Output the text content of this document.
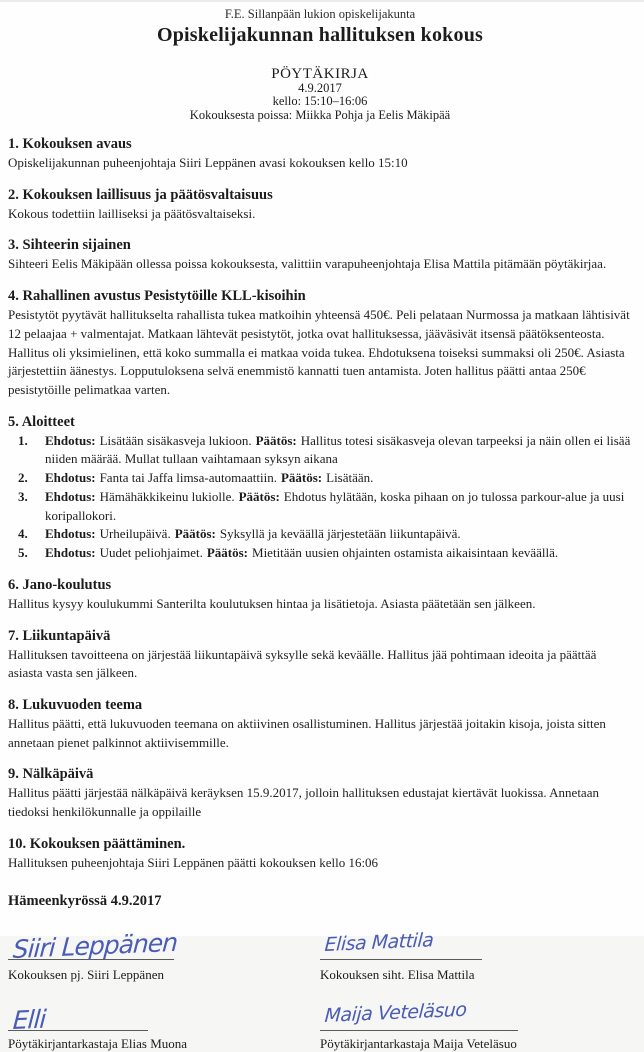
F.E. Sillanpään lukion opiskelijakunta
Opiskelijakunnan hallituksen kokous
PÖYTÄKIRJA
4.9.2017
kello: 15:10–16:06
Kokouksesta poissa: Miikka Pohja ja Eelis Mäkipää
1. Kokouksen avaus

Opiskelijakunnan puheenjohtaja Siiri Leppänen avasi kokouksen kello 15:10

2. Kokouksen laillisuus ja päätösvaltaisuus

Kokous todettiin lailliseksi ja päätösvaltaiseksi.

3. Sihteerin sijainen

Sihteeri Eelis Mäkipään ollessa poissa kokouksesta, valittiin varapuheenjohtaja Elisa Mattila pitämään pöytäkirjaa.

4. Rahallinen avustus Pesistytöille KLL-kisoihin

Pesistytöt pyytävät hallitukselta rahallista tukea matkoihin yhteensä 450€. Peli pelataan Nurmossa ja matkaan lähtisivät 12 pelaajaa + valmentajat. Matkaan lähtevät pesistytöt, jotka ovat hallituksessa, jääväsivät itsensä päätöksenteosta. Hallitus oli yksimielinen, että koko summalla ei matkaa voida tukea. Ehdotuksena toiseksi summaksi oli 250€. Asiasta järjestettiin äänestys. Lopputuloksena selvä enemmistö kannatti tuen antamista. Joten hallitus päätti antaa 250€ pesistytöille pelimatkaa varten.

5. Aloitteet
1.	Ehdotus: Lisätään sisäkasveja lukioon. Päätös: Hallitus totesi sisäkasveja olevan tarpeeksi ja näin ollen ei lisää niiden määrää. Mullat tullaan vaihtamaan syksyn aikana

2.	Ehdotus: Fanta tai Jaffa limsa-automaattiin. Päätös: Lisätään.

3.	Ehdotus: Hämähäkkikeinu lukiolle. Päätös: Ehdotus hylätään, koska pihaan on jo tulossa parkour-alue ja uusi koripallokori.

4.	Ehdotus: Urheilupäivä. Päätös: Syksyllä ja keväällä järjestetään liikuntapäivä.

5.	Ehdotus: Uudet peliohjaimet. Päätös: Mietitään uusien ohjainten ostamista aikaisintaan keväällä.

6. Jano-koulutus

Hallitus kysyy koulukummi Santerilta koulutuksen hintaa ja lisätietoja. Asiasta päätetään sen jälkeen.

7. Liikuntapäivä

Hallituksen tavoitteena on järjestää liikuntapäivä syksylle sekä keväälle. Hallitus jää pohtimaan ideoita ja päättää asiasta vasta sen jälkeen.

8. Lukuvuoden teema

Hallitus päätti, että lukuvuoden teemana on aktiivinen osallistuminen. Hallitus järjestää joitakin kisoja, joista sitten annetaan pienet palkinnot aktiivisemmille.

9. Nälkäpäivä

Hallitus päätti järjestää nälkäpäivä keräyksen 15.9.2017, jolloin hallituksen edustajat kiertävät luokissa. Annetaan tiedoksi henkilökunnalle ja oppilaille

10. Kokouksen päättäminen.

Hallituksen puheenjohtaja Siiri Leppänen päätti kokouksen kello 16:06

Hämeenkyrössä 4.9.2017
Siiri Leppänen
Kokouksen pj. Siiri Leppänen
Elisa Mattila
Kokouksen siht. Elisa Mattila
Elli
Pöytäkirjantarkastaja Elias Muona
Maija Veteläsuo
Pöytäkirjantarkastaja Maija Veteläsuo
